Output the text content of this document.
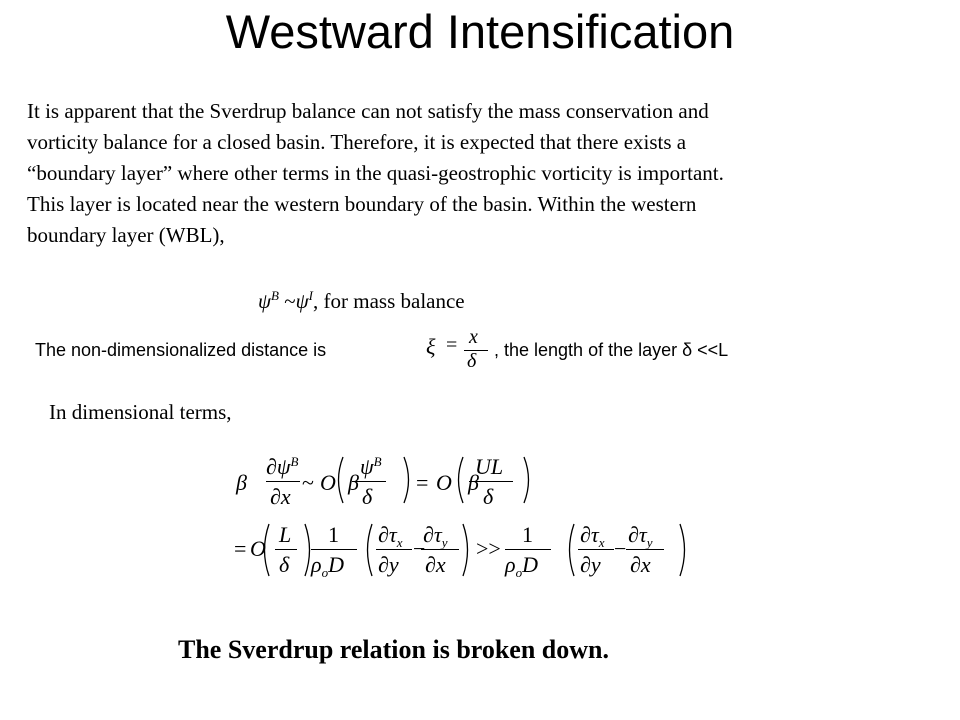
Westward Intensification
It is apparent that the Sverdrup balance can not satisfy the mass conservation and
vorticity balance for a closed basin. Therefore, it is expected that there exists a
“boundary layer” where other terms in the quasi-geostrophic vorticity is important.
This layer is located near the western boundary of the basin. Within the western
boundary layer (WBL),
$\psi^B$ $\sim\psi^I$, for mass balance
The non-dimensionalized distance is	ξ = x
δ , the length of the layer δ <<L
In dimensional terms,
β
$\partial\psi^B$
∂x
~ O β
$\psi^B$
δ
= O β
UL
δ
= O
L
δ
1
$\rho_oD$
$\partial\tau_x$
∂y
−
$\partial\tau_y$
∂x
>>
1
$\rho_oD$
$\partial\tau_x$
∂y
−
$\partial\tau_y$
∂x
The Sverdrup relation is broken down.
